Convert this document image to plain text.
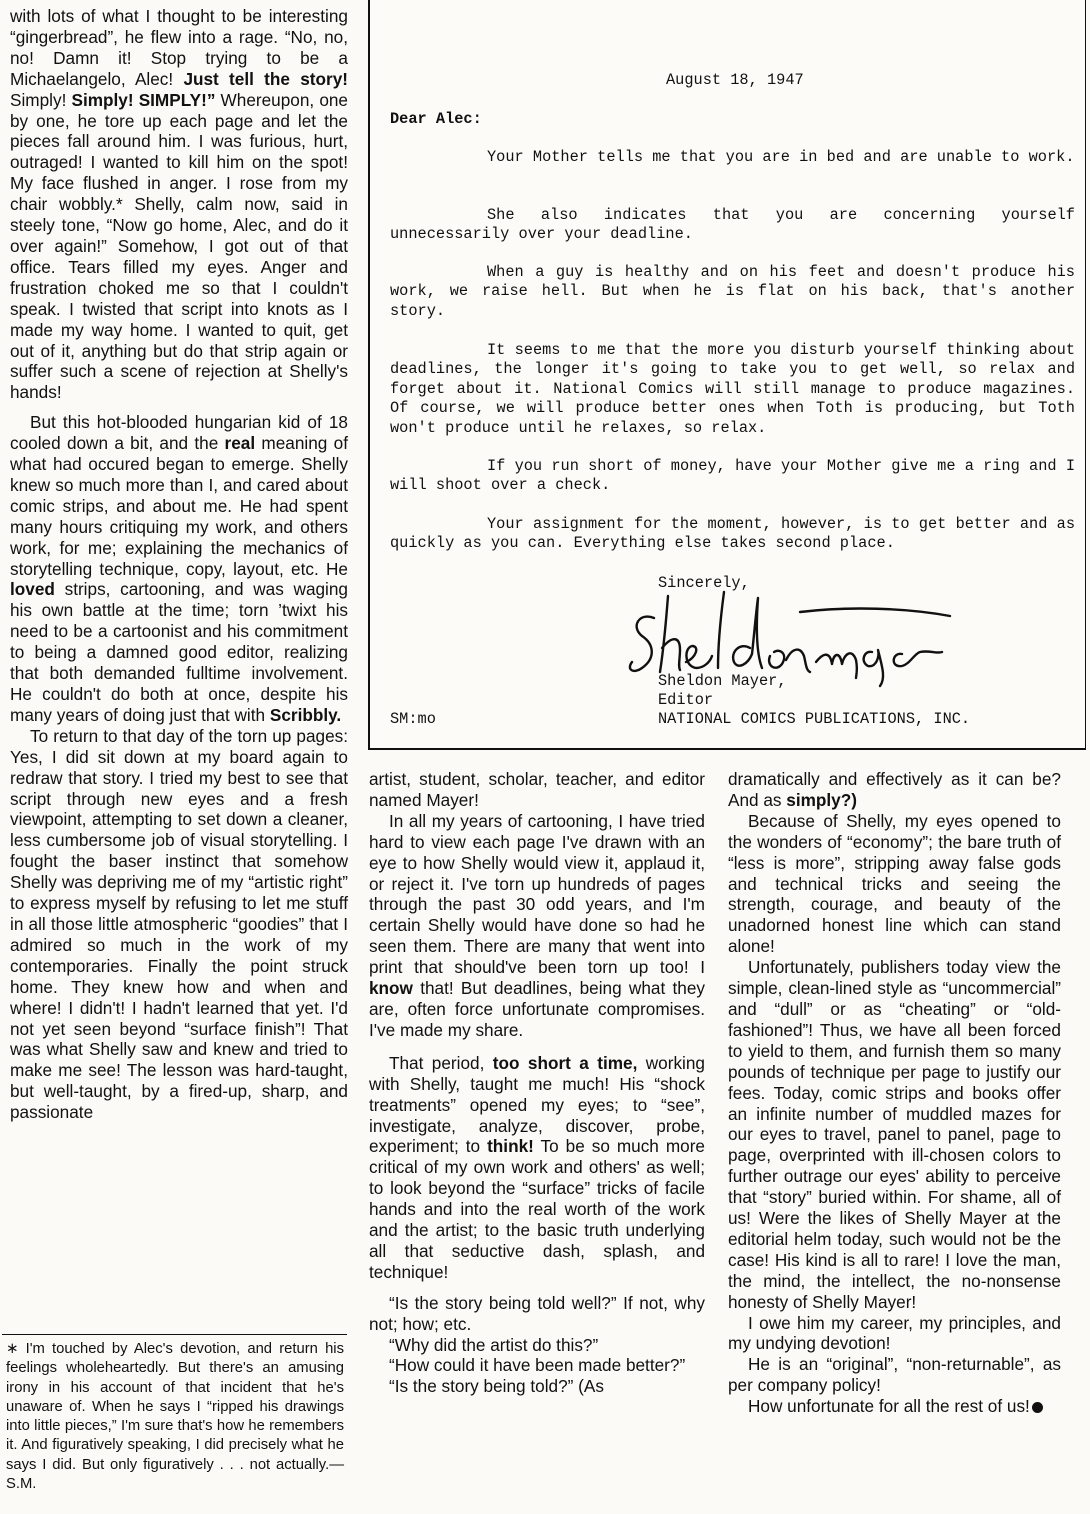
with lots of what I thought to be interesting “gingerbread”, he flew into a rage. “No, no, no! Damn it! Stop trying to be a Michaelangelo, Alec! Just tell the story! Simply! Simply! SIMPLY!” Whereupon, one by one, he tore up each page and let the pieces fall around him. I was furious, hurt, outraged! I wanted to kill him on the spot! My face flushed in anger. I rose from my chair wobbly.* Shelly, calm now, said in steely tone, “Now go home, Alec, and do it over again!” Somehow, I got out of that office. Tears filled my eyes. Anger and frustration choked me so that I couldn't speak. I twisted that script into knots as I made my way home. I wanted to quit, get out of it, anything but do that strip again or suffer such a scene of rejection at Shelly's hands!

But this hot-blooded hungarian kid of 18 cooled down a bit, and the real meaning of what had occured began to emerge. Shelly knew so much more than I, and cared about comic strips, and about me. He had spent many hours critiquing my work, and others work, for me; explaining the mechanics of storytelling technique, copy, layout, etc. He loved strips, cartooning, and was waging his own battle at the time; torn ’twixt his need to be a cartoonist and his commitment to being a damned good editor, realizing that both demanded fulltime involvement. He couldn't do both at once, despite his many years of doing just that with Scribbly.

To return to that day of the torn up pages: Yes, I did sit down at my board again to redraw that story. I tried my best to see that script through new eyes and a fresh viewpoint, attempting to set down a cleaner, less cumbersome job of visual storytelling. I fought the baser instinct that somehow Shelly was depriving me of my “artistic right” to express myself by refusing to let me stuff in all those little atmospheric “goodies” that I admired so much in the work of my contemporaries. Finally the point struck home. They knew how and when and where! I didn't! I hadn't learned that yet. I'd not yet seen beyond “surface finish”! That was what Shelly saw and knew and tried to make me see! The lesson was hard-taught, but well-taught, by a fired-up, sharp, and passionate

∗ I'm touched by Alec's devotion, and return his feelings wholeheartedly. But there's an amusing irony in his account of that incident that he's unaware of. When he says I “ripped his drawings into little pieces,” I'm sure that's how he remembers it. And figuratively speaking, I did precisely what he says I did. But only figuratively . . . not actually.—S.M.

artist, student, scholar, teacher, and editor named Mayer!

In all my years of cartooning, I have tried hard to view each page I've drawn with an eye to how Shelly would view it, applaud it, or reject it. I've torn up hundreds of pages through the past 30 odd years, and I'm certain Shelly would have done so had he seen them. There are many that went into print that should've been torn up too! I know that! But deadlines, being what they are, often force unfortunate compromises. I've made my share.

That period, too short a time, working with Shelly, taught me much! His “shock treatments” opened my eyes; to “see”, investigate, analyze, discover, probe, experiment; to think! To be so much more critical of my own work and others' as well; to look beyond the “surface” tricks of facile hands and into the real worth of the work and the artist; to the basic truth underlying all that seductive dash, splash, and technique!

“Is the story being told well?” If not, why not; how; etc.

“Why did the artist do this?”

“How could it have been made better?”

“Is the story being told?” (As

dramatically and effectively as it can be? And as simply?)

Because of Shelly, my eyes opened to the wonders of “economy”; the bare truth of “less is more”, stripping away false gods and technical tricks and seeing the strength, courage, and beauty of the unadorned honest line which can stand alone!

Unfortunately, publishers today view the simple, clean-lined style as “uncommercial” and “dull” or as “cheating” or “old-fashioned”! Thus, we have all been forced to yield to them, and furnish them so many pounds of technique per page to justify our fees. Today, comic strips and books offer an infinite number of muddled mazes for our eyes to travel, panel to panel, page to page, overprinted with ill-chosen colors to further outrage our eyes' ability to perceive that “story” buried within. For shame, all of us! Were the likes of Shelly Mayer at the editorial helm today, such would not be the case! His kind is all to rare! I love the man, the mind, the intellect, the no-nonsense honesty of Shelly Mayer!

I owe him my career, my principles, and my undying devotion!

He is an “original”, “non-returnable”, as per company policy!

How unfortunate for all the rest of us!

August 18, 1947
Dear Alec:

Your Mother tells me that you are in bed and are unable to work.

She also indicates that you are concerning yourself unnecessarily over your deadline.

When a guy is healthy and on his feet and doesn't produce his work, we raise hell. But when he is flat on his back, that's another story.

It seems to me that the more you disturb yourself thinking about deadlines, the longer it's going to take you to get well, so relax and forget about it. National Comics will still manage to produce magazines. Of course, we will produce better ones when Toth is producing, but Toth won't produce until he relaxes, so relax.

If you run short of money, have your Mother give me a ring and I will shoot over a check.

Your assignment for the moment, however, is to get better and as quickly as you can. Everything else takes second place.

Sincerely,
Sheldon Mayer,
Editor
SM:mo	NATIONAL COMICS PUBLICATIONS, INC.
